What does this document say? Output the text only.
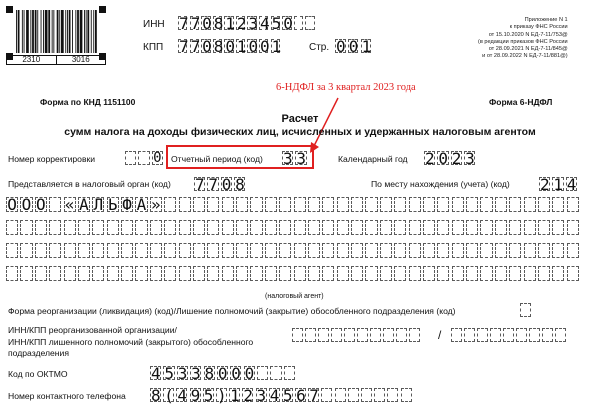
2310	3016
ИНН 7 7 0 8 1 2 3 4 5 0
КПП 7 7 0 8 0 1 0 0 1	Стр. 0 0 1
Приложение N 1
к приказу ФНС России
от 15.10.2020 N ЕД-7-11/753@
(в редакции приказов ФНС России
от 28.09.2021 N ЕД-7-11/845@
и от 28.09.2022 N ЕД-7-11/881@)
6-НДФЛ за 3 квартал 2023 года
Форма по КНД 1151100	Форма 6-НДФЛ
Расчет
сумм налога на доходы физических лиц, исчисленных и удержанных налоговым агентом
Номер корректировки	0 Отчетный период (код) 3 3	Календарный год 2 0 2 3
Представляется в налоговый орган (код) 7 7 0 8	По месту нахождения (учета) (код) 2 1 4
О О О « А Л Ь Ф А »
(налоговый агент)
Форма реорганизации (ликвидация) (код)/Лишение полномочий (закрытие) обособленного подразделения (код)
ИНН/КПП реорганизованной организации/
ИНН/КПП лишенного полномочий (закрытого) обособленного
подразделения
/
Код по ОКТМО	4 5 3 3 8 0 0 0
Номер контактного телефона 8 ( 4 9 5 ) 1 2 3 4 5 6 7
